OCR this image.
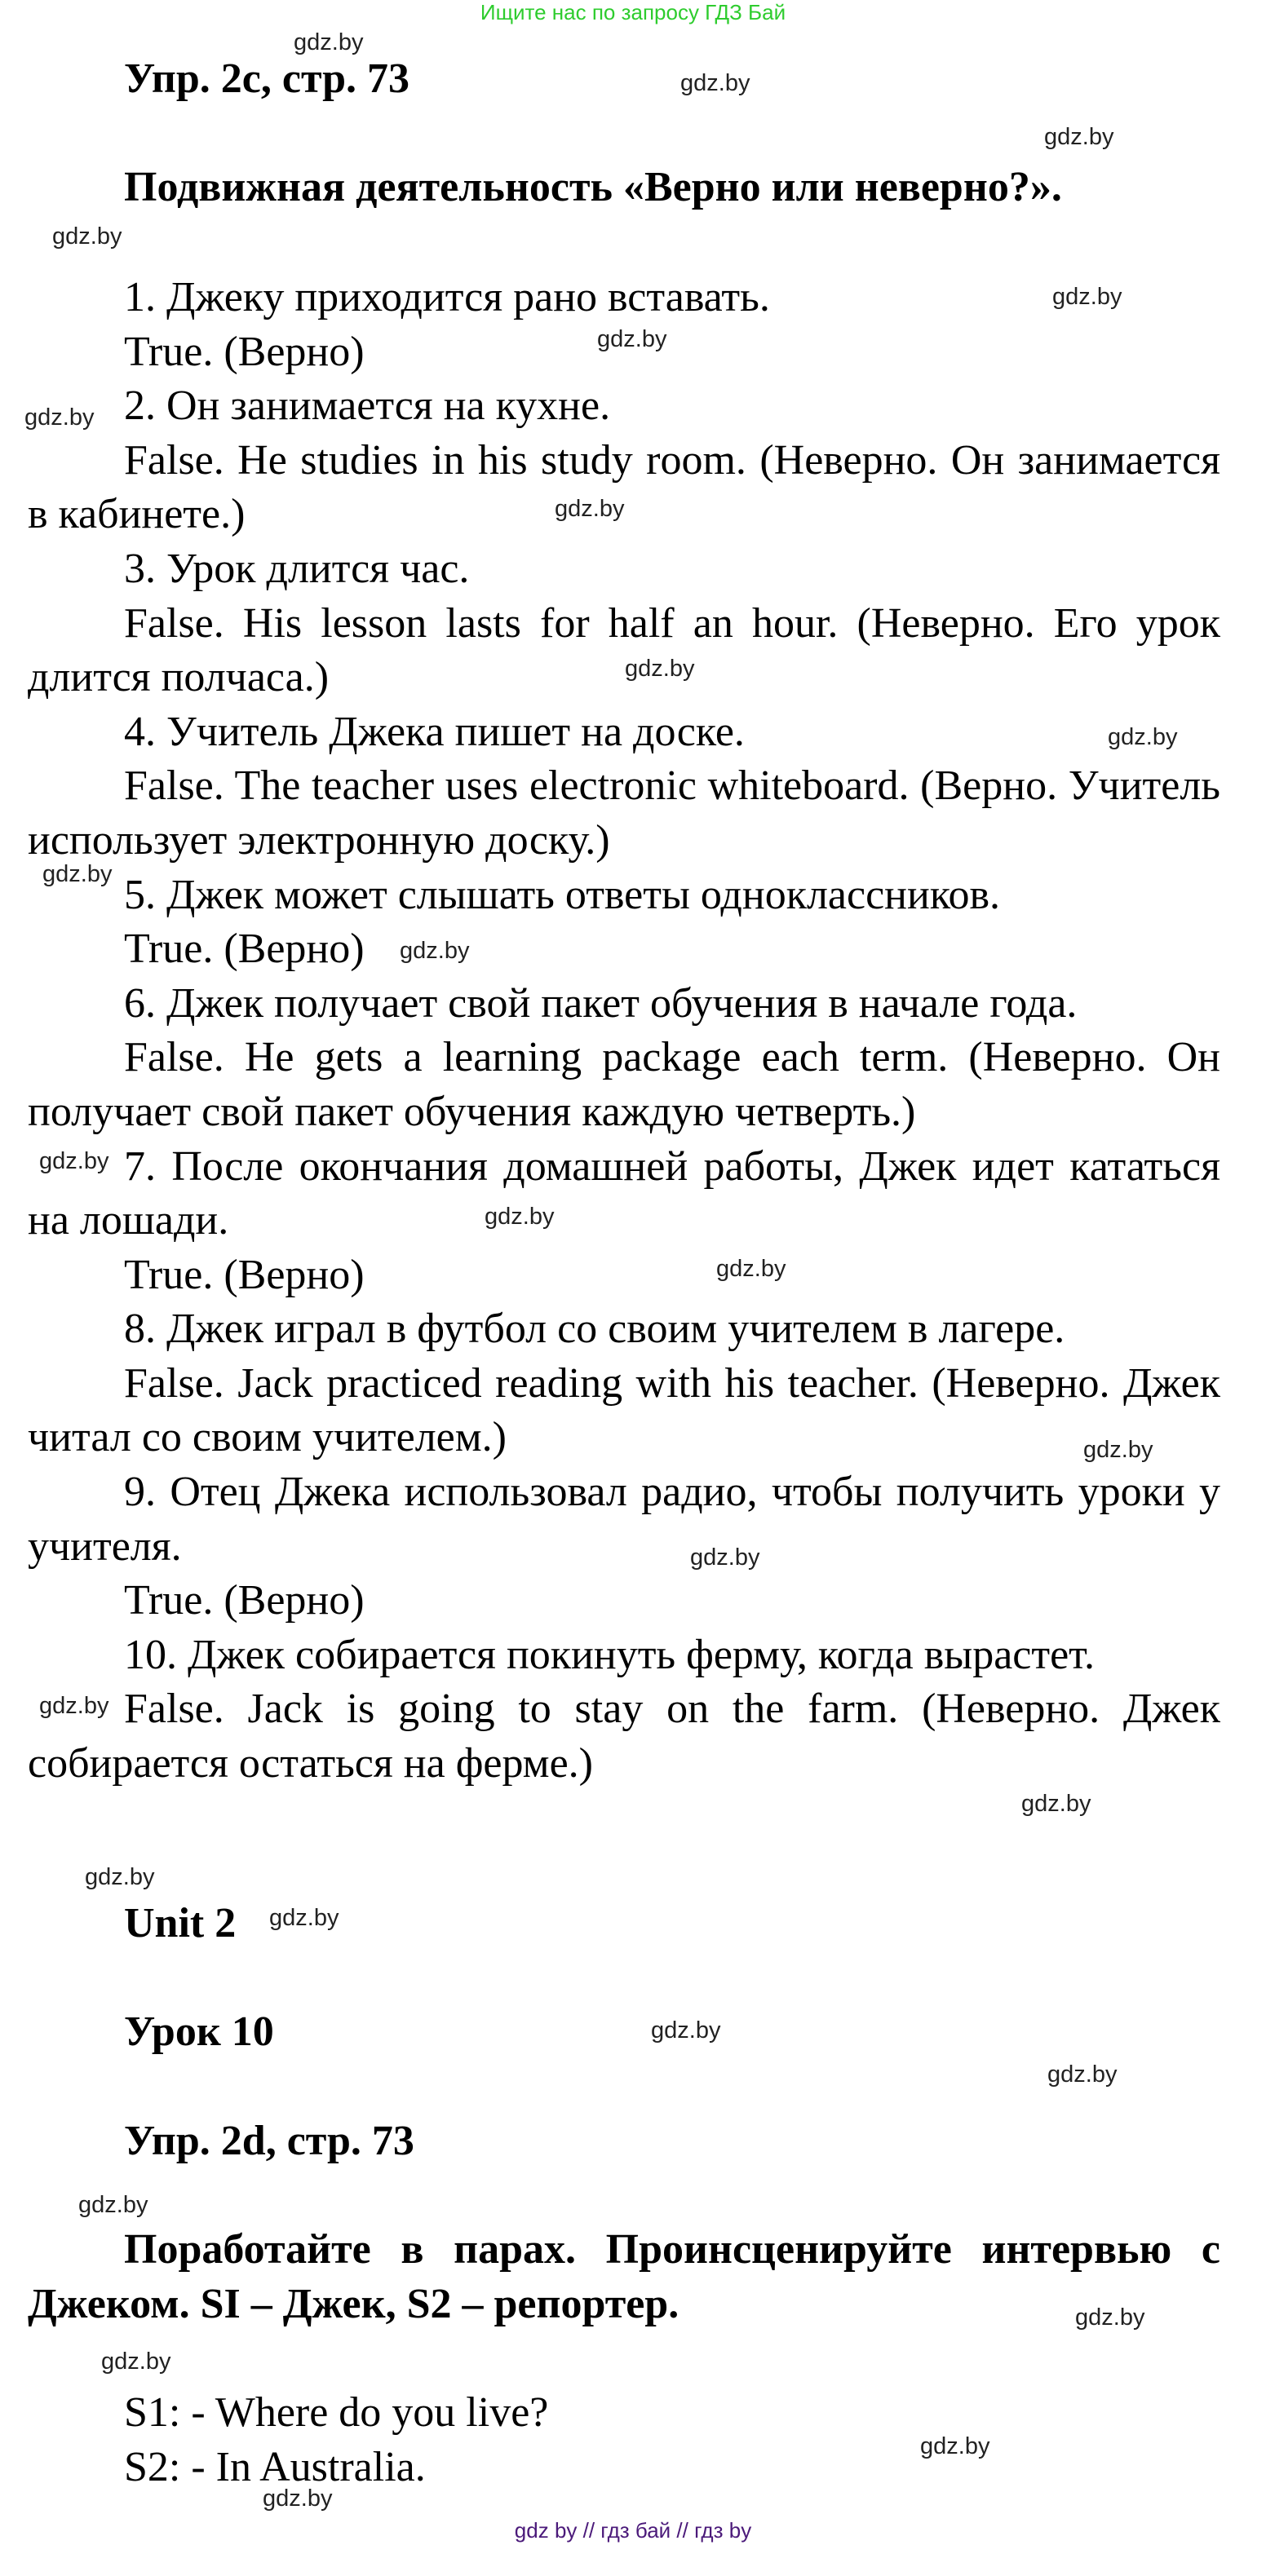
Ищите нас по запросу ГДЗ Бай

Упр. 2с, стр. 73

Подвижная деятельность «Верно или неверно?».

1. Джеку приходится рано вставать.

True. (Верно)

2. Он занимается на кухне.

False. He studies in his study room. (Неверно. Он занимается в кабинете.)

3. Урок длится час.

False. His lesson lasts for half an hour. (Неверно. Его урок длится полчаса.)

4. Учитель Джека пишет на доске.

False. The teacher uses electronic whiteboard. (Верно. Учитель использует электронную доску.)

5. Джек может слышать ответы одноклассников.

True. (Верно)

6. Джек получает свой пакет обучения в начале года.

False. He gets a learning package each term. (Неверно. Он получает свой пакет обучения каждую четверть.)

7. После окончания домашней работы, Джек идет кататься на лошади.

True. (Верно)

8. Джек играл в футбол со своим учителем в лагере.

False. Jack practiced reading with his teacher. (Неверно. Джек читал со своим учителем.)

9. Отец Джека использовал радио, чтобы получить уроки у учителя.

True. (Верно)

10. Джек собирается покинуть ферму, когда вырастет.

False. Jack is going to stay on the farm. (Неверно. Джек собирается остаться на ферме.)

Unit 2

Урок 10

Упр. 2d, стр. 73

Поработайте в парах. Проинсценируйте интервью с Джеком. SI – Джек, S2 – репортер.

S1: - Where do you live?

S2: - In Australia.

gdz by // гдз бай // гдз by
gdz.by
gdz.by
gdz.by
gdz.by
gdz.by
gdz.by
gdz.by
gdz.by
gdz.by
gdz.by
gdz.by
gdz.by
gdz.by
gdz.by
gdz.by
gdz.by
gdz.by
gdz.by
gdz.by
gdz.by
gdz.by
gdz.by
gdz.by
gdz.by
gdz.by
gdz.by
gdz.by
gdz.by
